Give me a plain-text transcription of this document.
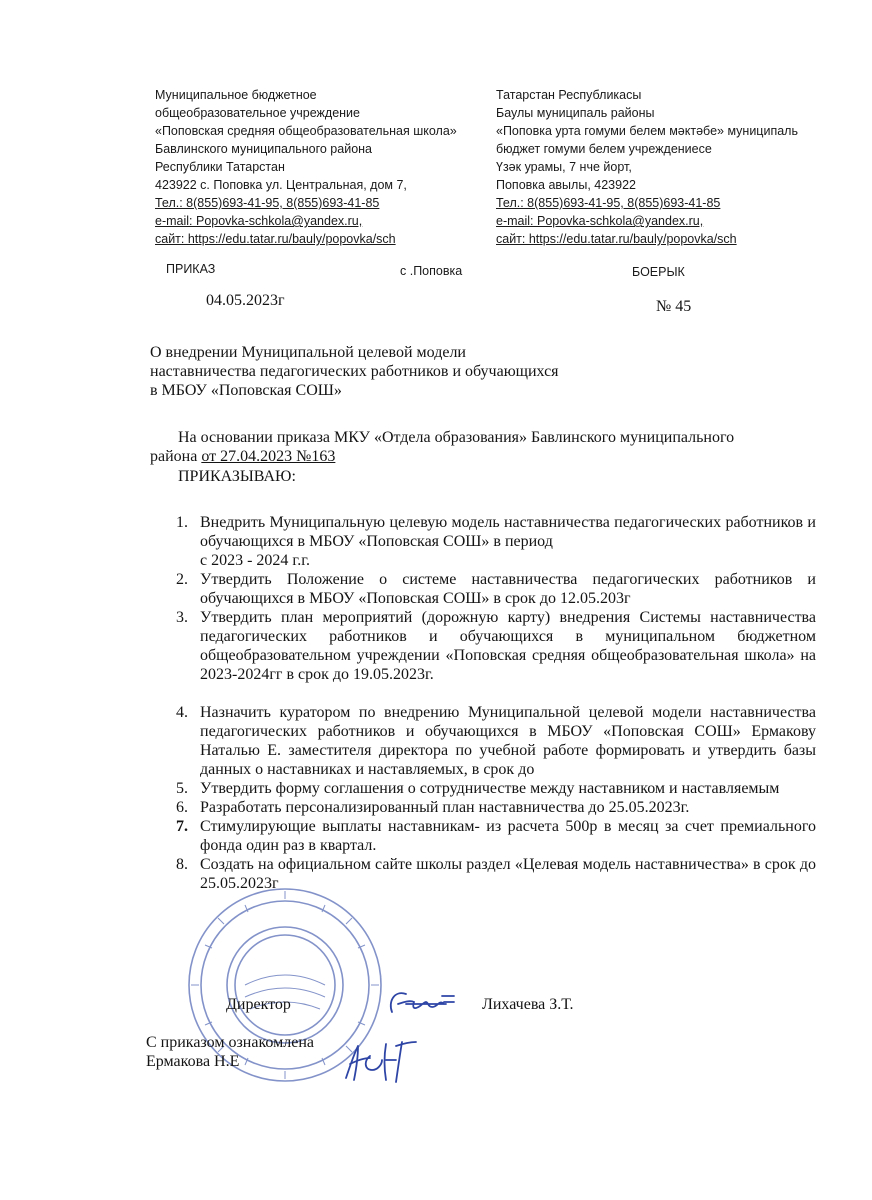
Муниципальное бюджетное
общеобразовательное учреждение
«Поповская средняя общеобразовательная школа»
Бавлинского муниципального района
Республики Татарстан
423922 с. Поповка ул. Центральная, дом 7,
Тел.: 8(855)693-41-95, 8(855)693-41-85
e-mail: Popovka-schkola@yandex.ru,
сайт: https://edu.tatar.ru/bauly/popovka/sch
Татарстан Республикасы
Баулы муниципаль районы
«Поповка урта гомуми белем мәктәбе» муниципаль
бюджет гомуми белем учреждениесе
Үзәк урамы, 7 нче йорт,
Поповка авылы, 423922
Тел.: 8(855)693-41-95, 8(855)693-41-85
e-mail: Popovka-schkola@yandex.ru,
сайт: https://edu.tatar.ru/bauly/popovka/sch
ПРИКАЗ	с .Поповка	БОЕРЫК
04.05.2023г	№ 45
О внедрении Муниципальной целевой модели
наставничества педагогических работников и обучающихся
в МБОУ «Поповская СОШ»
На основании приказа МКУ «Отдела образования» Бавлинского муниципального
района от 27.04.2023 №163
ПРИКАЗЫВАЮ:
1. Внедрить Муниципальную целевую модель наставничества педагогических работников и обучающихся в МБОУ «Поповская СОШ» в период
с 2023 - 2024 г.г.
2. Утвердить Положение о системе наставничества педагогических работников и обучающихся в МБОУ «Поповская СОШ» в срок до 12.05.203г
3. Утвердить план мероприятий (дорожную карту) внедрения Системы наставничества педагогических работников и обучающихся в муниципальном бюджетном общеобразовательном учреждении «Поповская средняя общеобразовательная школа» на 2023-2024гг в срок до 19.05.2023г.
4. Назначить куратором по внедрению Муниципальной целевой модели наставничества педагогических работников и обучающихся в МБОУ «Поповская СОШ» Ермакову Наталью Е. заместителя директора по учебной работе формировать и утвердить базы данных о наставниках и наставляемых, в срок до
5. Утвердить форму соглашения о сотрудничестве между наставником и наставляемым
6. Разработать персонализированный план наставничества до 25.05.2023г.
7. Стимулирующие выплаты наставникам- из расчета 500р в месяц за счет премиального фонда один раз в квартал.
8. Создать на официальном сайте школы раздел «Целевая модель наставничества» в срок до 25.05.2023г
Директор	Лихачева З.Т.
С приказом ознакомлена
Ермакова Н.Е
